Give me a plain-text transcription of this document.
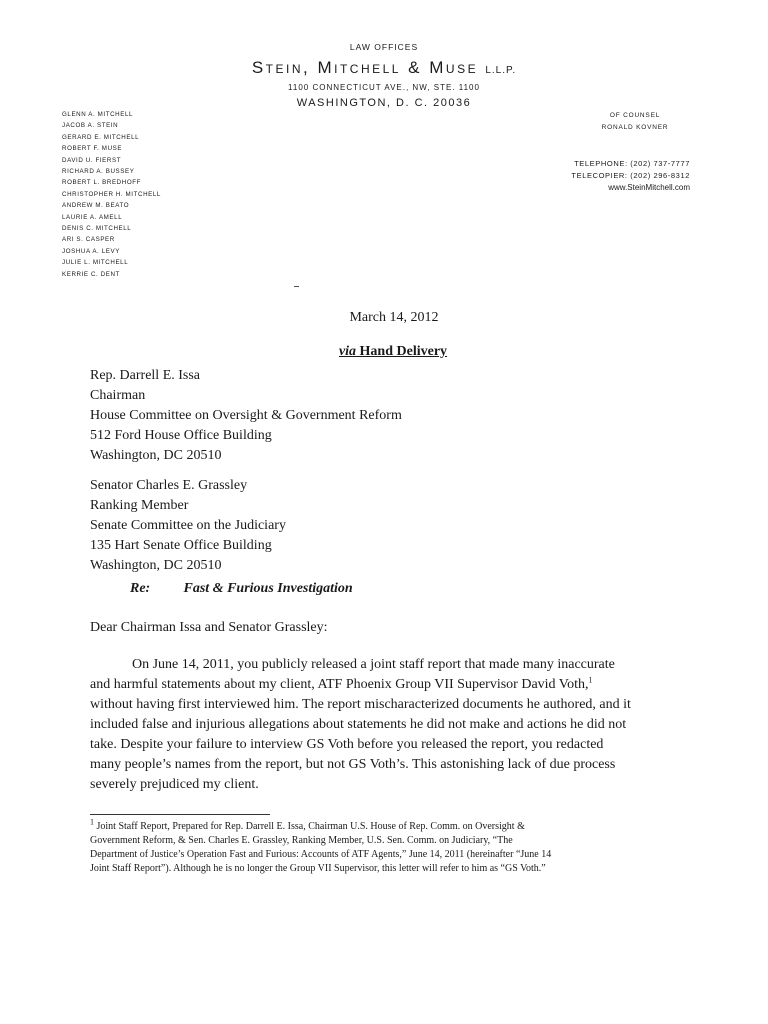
LAW OFFICES
Stein, Mitchell & Muse L.L.P.
1100 CONNECTICUT AVE., NW, STE. 1100
WASHINGTON, D. C. 20036
GLENN A. MITCHELL
JACOB A. STEIN
GERARD E. MITCHELL
ROBERT F. MUSE
DAVID U. FIERST
RICHARD A. BUSSEY
ROBERT L. BREDHOFF
CHRISTOPHER H. MITCHELL
ANDREW M. BEATO
LAURIE A. AMELL
DENIS C. MITCHELL
ARI S. CASPER
JOSHUA A. LEVY
JULIE L. MITCHELL
KERRIE C. DENT
OF COUNSEL
RONALD KOVNER
TELEPHONE: (202) 737-7777
TELECOPIER: (202) 296-8312
www.SteinMitchell.com
March 14, 2012
via Hand Delivery
Rep. Darrell E. Issa
Chairman
House Committee on Oversight & Government Reform
512 Ford House Office Building
Washington, DC 20510
Senator Charles E. Grassley
Ranking Member
Senate Committee on the Judiciary
135 Hart Senate Office Building
Washington, DC 20510
Re: Fast & Furious Investigation
Dear Chairman Issa and Senator Grassley:
On June 14, 2011, you publicly released a joint staff report that made many inaccurate
and harmful statements about my client, ATF Phoenix Group VII Supervisor David Voth,$^1$
without having first interviewed him. The report mischaracterized documents he authored, and it
included false and injurious allegations about statements he did not make and actions he did not
take. Despite your failure to interview GS Voth before you released the report, you redacted
many people’s names from the report, but not GS Voth’s. This astonishing lack of due process
severely prejudiced my client.
$^1$ Joint Staff Report, Prepared for Rep. Darrell E. Issa, Chairman U.S. House of Rep. Comm. on Oversight &
Government Reform, & Sen. Charles E. Grassley, Ranking Member, U.S. Sen. Comm. on Judiciary, “The
Department of Justice’s Operation Fast and Furious: Accounts of ATF Agents,” June 14, 2011 (hereinafter “June 14
Joint Staff Report”). Although he is no longer the Group VII Supervisor, this letter will refer to him as “GS Voth.”
